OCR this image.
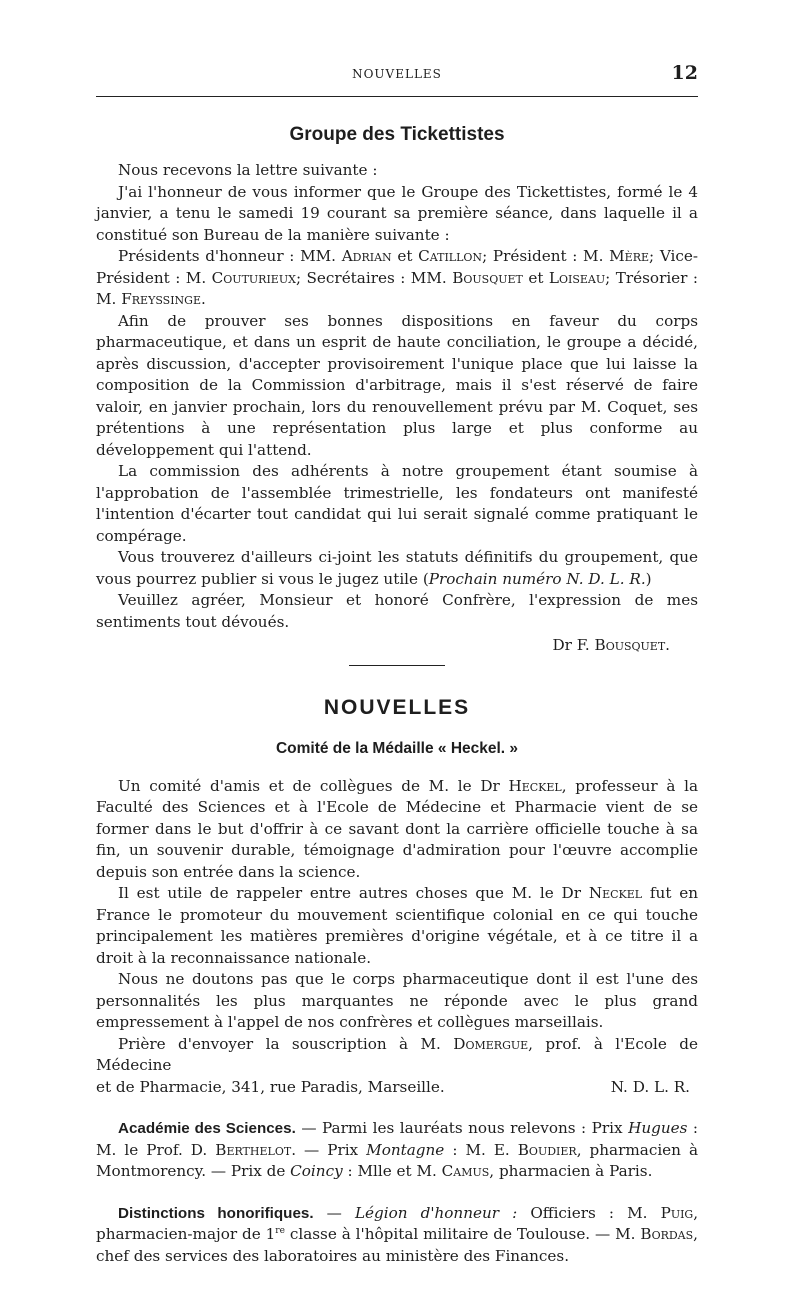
NOUVELLES	12
Groupe des Tickettistes

Nous recevons la lettre suivante :

J'ai l'honneur de vous informer que le Groupe des Tickettistes, formé le 4 janvier, a tenu le samedi 19 courant sa première séance, dans laquelle il a constitué son Bureau de la manière suivante :

Présidents d'honneur : MM. Adrian et Catillon; Président : M. Mère; Vice-Président : M. Couturieux; Secrétaires : MM. Bousquet et Loiseau; Trésorier : M. Freyssinge.

Afin de prouver ses bonnes dispositions en faveur du corps pharmaceutique, et dans un esprit de haute conciliation, le groupe a décidé, après discussion, d'accepter provisoirement l'unique place que lui laisse la composition de la Commission d'arbitrage, mais il s'est réservé de faire valoir, en janvier prochain, lors du renouvellement prévu par M. Coquet, ses prétentions à une représentation plus large et plus conforme au développement qui l'attend.

La commission des adhérents à notre groupement étant soumise à l'approbation de l'assemblée trimestrielle, les fondateurs ont manifesté l'intention d'écarter tout candidat qui lui serait signalé comme pratiquant le compérage.

Vous trouverez d'ailleurs ci-joint les statuts définitifs du groupement, que vous pourrez publier si vous le jugez utile (Prochain numéro N. D. L. R.)

Veuillez agréer, Monsieur et honoré Confrère, l'expression de mes sentiments tout dévoués.

Dr F. Bousquet.

NOUVELLES
Comité de la Médaille « Heckel. »

Un comité d'amis et de collègues de M. le Dr Heckel, professeur à la Faculté des Sciences et à l'Ecole de Médecine et Pharmacie vient de se former dans le but d'offrir à ce savant dont la carrière officielle touche à sa fin, un souvenir durable, témoignage d'admiration pour l'œuvre accomplie depuis son entrée dans la science.

Il est utile de rappeler entre autres choses que M. le Dr Neckel fut en France le promoteur du mouvement scientifique colonial en ce qui touche principalement les matières premières d'origine végétale, et à ce titre il a droit à la reconnaissance nationale.

Nous ne doutons pas que le corps pharmaceutique dont il est l'une des personnalités les plus marquantes ne réponde avec le plus grand empressement à l'appel de nos confrères et collègues marseillais.

Prière d'envoyer la souscription à M. Domergue, prof. à l'Ecole de Médecine

et de Pharmacie, 341, rue Paradis, Marseille.	N. D. L. R.

Académie des Sciences. — Parmi les lauréats nous relevons : Prix Hugues : M. le Prof. D. Berthelot. — Prix Montagne : M. E. Boudier, pharmacien à Montmorency. — Prix de Coincy : Mlle et M. Camus, pharmacien à Paris.

Distinctions honorifiques. — Légion d'honneur : Officiers : M. Puig, pharmacien-major de 1re classe à l'hôpital militaire de Toulouse. — M. Bordas, chef des services des laboratoires au ministère des Finances.
